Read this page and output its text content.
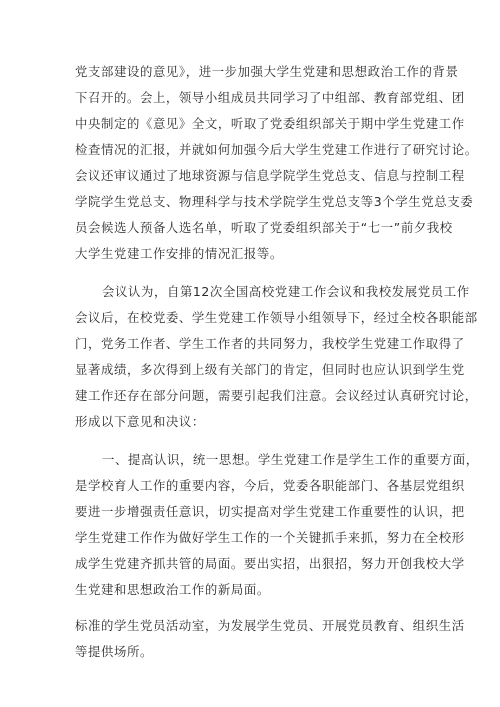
党支部建设的意见》，进一步加强大学生党建和思想政治工作的背景
下召开的。会上，领导小组成员共同学习了中组部、教育部党组、团
中央制定的《意见》全文，听取了党委组织部关于期中学生党建工作
检查情况的汇报，并就如何加强今后大学生党建工作进行了研究讨论。
会议还审议通过了地球资源与信息学院学生党总支、信息与控制工程
学院学生党总支、物理科学与技术学院学生党总支等3个学生党总支委
员会候选人预备人选名单，听取了党委组织部关于“七一”前夕我校
大学生党建工作安排的情况汇报等。
会议认为，自第12次全国高校党建工作会议和我校发展党员工作
会议后，在校党委、学生党建工作领导小组领导下，经过全校各职能部
门，党务工作者、学生工作者的共同努力，我校学生党建工作取得了
显著成绩，多次得到上级有关部门的肯定，但同时也应认识到学生党
建工作还存在部分问题，需要引起我们注意。会议经过认真研究讨论，
形成以下意见和决议：
一、提高认识，统一思想。学生党建工作是学生工作的重要方面，
是学校育人工作的重要内容，今后，党委各职能部门、各基层党组织
要进一步增强责任意识，切实提高对学生党建工作重要性的认识，把
学生党建工作作为做好学生工作的一个关键抓手来抓，努力在全校形
成学生党建齐抓共管的局面。要出实招，出狠招，努力开创我校大学
生党建和思想政治工作的新局面。
标准的学生党员活动室，为发展学生党员、开展党员教育、组织生活
等提供场所。
